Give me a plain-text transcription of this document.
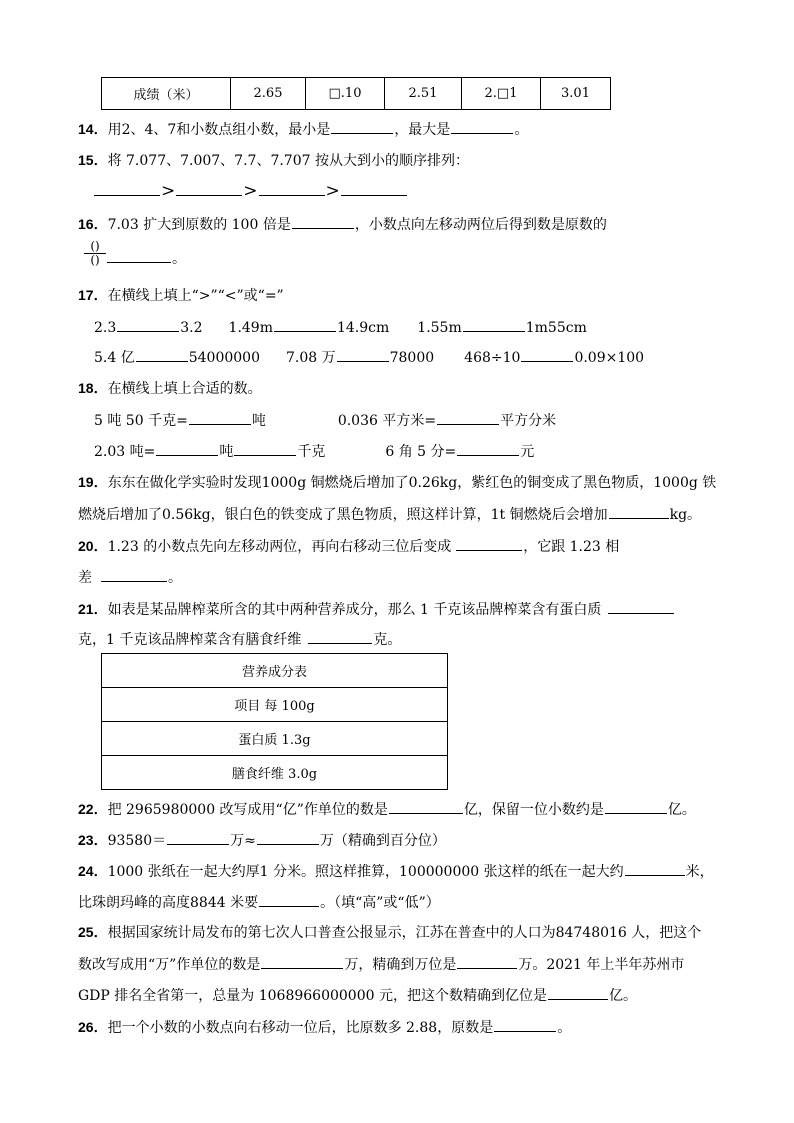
成绩（米）	2.65	□.10	2.51	2.□1	3.01
14．用2、4、7和小数点组小数，最小是	，最大是	。
15．将 7.077、7.007、7.7、7.707 按从大到小的顺序排列：
>	>	>
16．7.03 扩大到原数的 100 倍是	，小数点向左移动两位后得到数是原数的
()
()	。
17．在横线上填上“>”“<”或“=”
2.3	3.2 1.49m	14.9cm 1.55m	1m55cm
5.4 亿	54000000 7.08 万	78000 468÷10	0.09×100
18．在横线上填上合适的数。
5 吨 50 千克=	吨	0.036 平方米=	平方分米
2.03 吨=	吨	千克	6 角 5 分=	元
19．东东在做化学实验时发现1000g 铜燃烧后增加了0.26kg，紫红色的铜变成了黑色物质，1000g 铁
燃烧后增加了0.56kg，银白色的铁变成了黑色物质，照这样计算，1t 铜燃烧后会增加	kg。
20．1.23 的小数点先向左移动两位，再向右移动三位后变成	，它跟 1.23 相
差	。
21．如表是某品牌榨菜所含的其中两种营养成分，那么 1 千克该品牌榨菜含有蛋白质
克，1 千克该品牌榨菜含有膳食纤维	克。
营养成分表
项目 每 100g
蛋白质 1.3g
膳食纤维 3.0g
22．把 2965980000 改写成用“亿”作单位的数是	亿，保留一位小数约是	亿。
23．93580＝	万≈	万（精确到百分位）
24．1000 张纸在一起大约厚1 分米。照这样推算，100000000 张这样的纸在一起大约	米，
比珠朗玛峰的高度8844 米要	。（填“高”或“低”）
25．根据国家统计局发布的第七次人口普查公报显示，江苏在普查中的人口为84748016 人，把这个
数改写成用“万”作单位的数是	万，精确到万位是	万。2021 年上半年苏州市
GDP 排名全省第一，总量为 1068966000000 元，把这个数精确到亿位是	亿。
26．把一个小数的小数点向右移动一位后，比原数多 2.88，原数是	。
